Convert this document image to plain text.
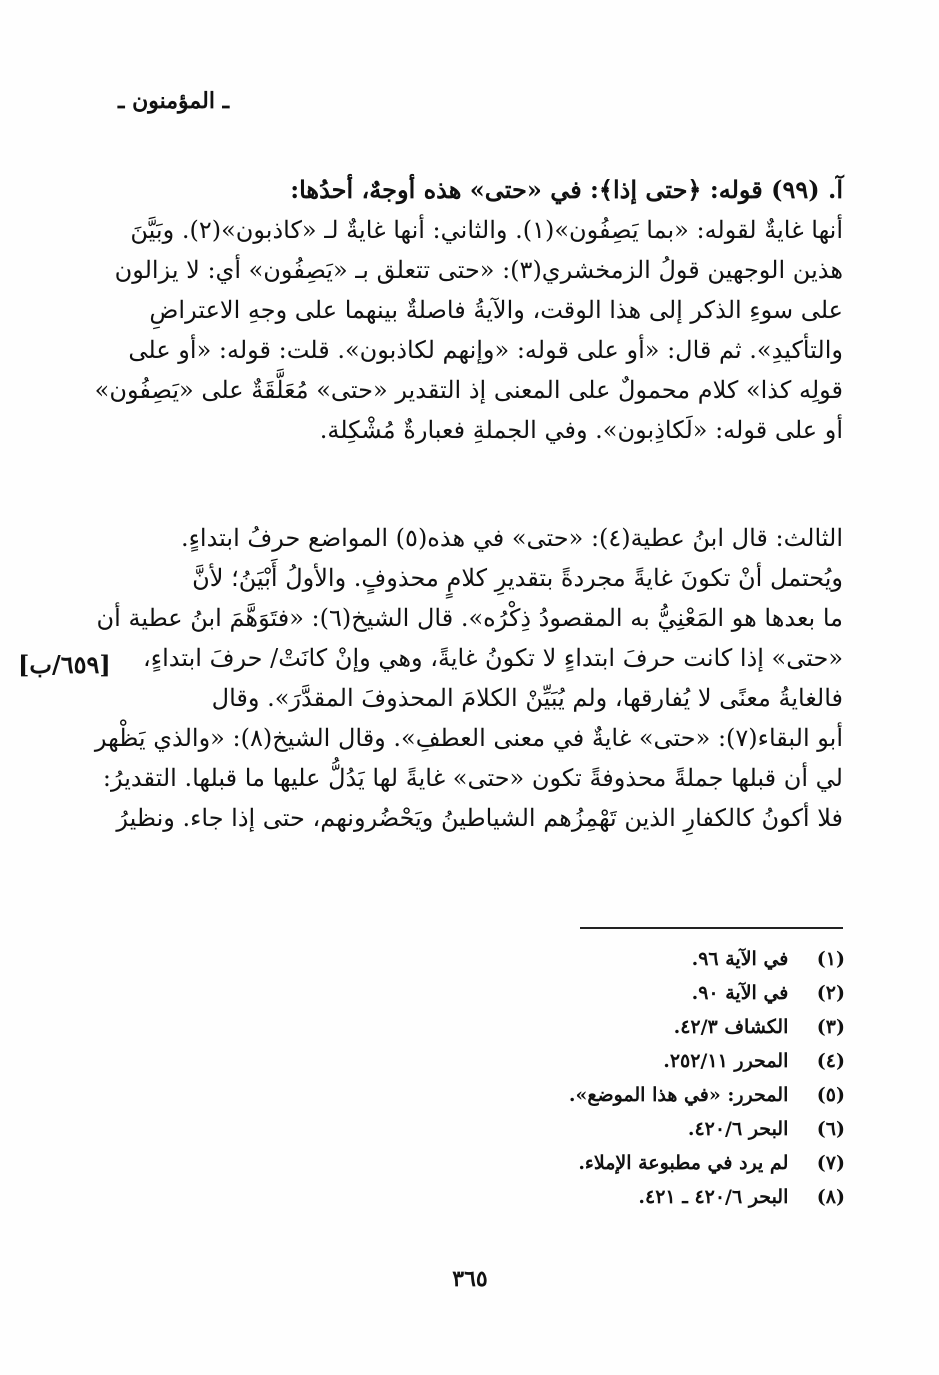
ـ المؤمنون ـ
آ. (٩٩) قوله: ﴿حتى إذا﴾: في «حتى» هذه أوجهٌ، أحدُها:
أنها غايةٌ لقوله: «بما يَصِفُون»(١). والثاني: أنها غايةٌ لـ «كاذبون»(٢). وبَيَّنَ
هذين الوجهين قولُ الزمخشري(٣): «حتى تتعلق بـ «يَصِفُون» أي: لا يزالون
على سوءِ الذكر إلى هذا الوقت، والآيةُ فاصلةٌ بينهما على وجهِ الاعتراضِ
والتأكيدِ». ثم قال: «أو على قوله: «وإنهم لكاذبون». قلت: قوله: «أو على
قولِه كذا» كلام محمولٌ على المعنى إذ التقدير «حتى» مُعَلَّقَةٌ على «يَصِفُون»
أو على قوله: «لَكاذِبون». وفي الجملةِ فعبارةٌ مُشْكِلة.
الثالث: قال ابنُ عطية(٤): «حتى» في هذه(٥) المواضع حرفُ ابتداءٍ.
ويُحتمل أنْ تكونَ غايةً مجردةً بتقديرِ كلامٍ محذوفٍ. والأولُ أَبْيَنُ؛ لأنَّ
ما بعدها هو المَعْنِيُّ به المقصودُ ذِكْرُه». قال الشيخ(٦): «فتَوَهَّمَ ابنُ عطية أن
«حتى» إذا كانت حرفَ ابتداءٍ لا تكونُ غايةً، وهي وإنْ كانَتْ/ حرفَ ابتداءٍ،
فالغايةُ معنًى لا يُفارقها، ولم يُبَيِّنْ الكلامَ المحذوفَ المقدَّرَ». وقال
أبو البقاء(٧): «حتى» غايةٌ في معنى العطفِ». وقال الشيخ(٨): «والذي يَظْهر
لي أن قبلها جملةً محذوفةً تكون «حتى» غايةً لها يَدُلُّ عليها ما قبلها. التقديرُ:
فلا أكونُ كالكفارِ الذين تَهْمِزُهم الشياطينُ ويَحْضُرونهم، حتى إذا جاء. ونظيرُ
[٦٥٩/ب]
(١) في الآية ٩٦.
(٢) في الآية ٩٠.
(٣) الكشاف ٤٢/٣.
(٤) المحرر ٢٥٢/١١.
(٥) المحرر: «في هذا الموضع».
(٦) البحر ٤٢٠/٦.
(٧) لم يرد في مطبوعة الإملاء.
(٨) البحر ٤٢٠/٦ ـ ٤٢١.
٣٦٥
